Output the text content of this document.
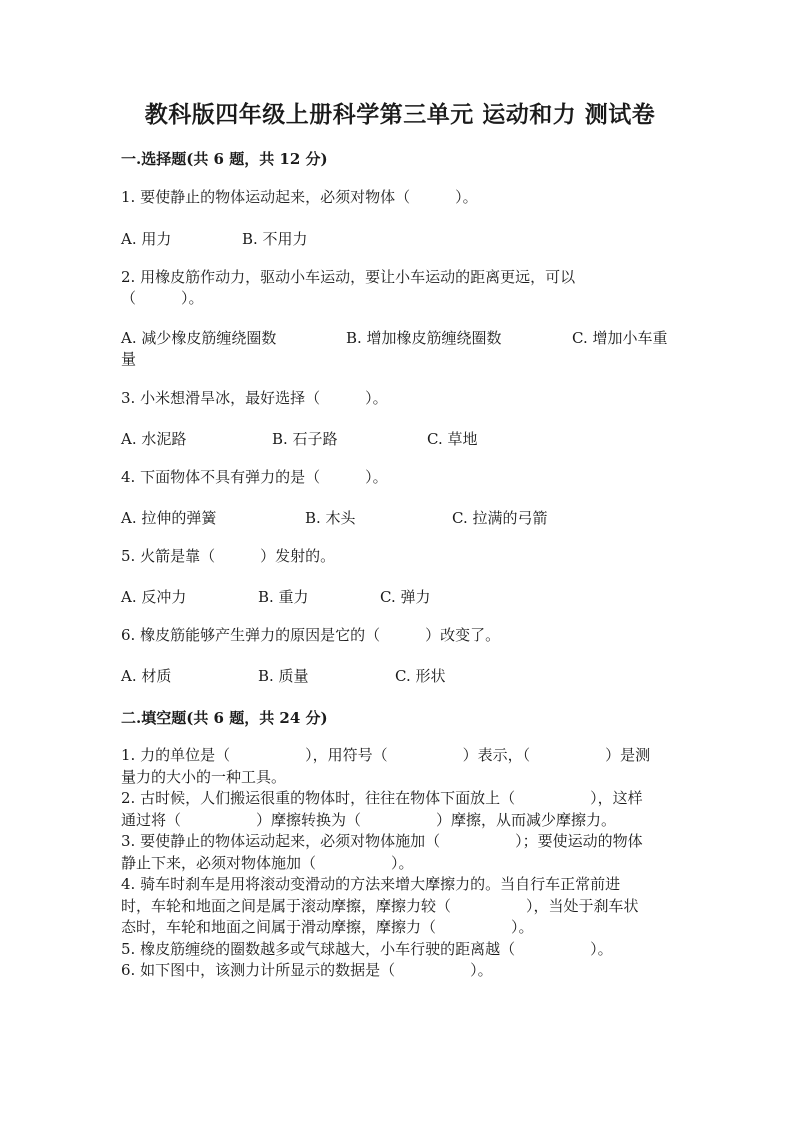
教科版四年级上册科学第三单元 运动和力 测试卷
一.选择题(共 6 题，共 12 分)
1. 要使静止的物体运动起来，必须对物体（　　　）。
A. 用力	B. 不用力
2. 用橡皮筋作动力，驱动小车运动，要让小车运动的距离更远，可以
（　　　）。
A. 减少橡皮筋缠绕圈数	B. 增加橡皮筋缠绕圈数	C. 增加小车重
量
3. 小米想滑旱冰，最好选择（　　　）。
A. 水泥路	B. 石子路	C. 草地
4. 下面物体不具有弹力的是（　　　）。
A. 拉伸的弹簧	B. 木头	C. 拉满的弓箭
5. 火箭是靠（　　　）发射的。
A. 反冲力	B. 重力	C. 弹力
6. 橡皮筋能够产生弹力的原因是它的（　　　）改变了。
A. 材质	B. 质量	C. 形状
二.填空题(共 6 题，共 24 分)
1. 力的单位是（　　　　　），用符号（　　　　　）表示，（　　　　　）是测
量力的大小的一种工具。
2. 古时候，人们搬运很重的物体时，往往在物体下面放上（　　　　　），这样
通过将（　　　　　）摩擦转换为（　　　　　）摩擦，从而减少摩擦力。
3. 要使静止的物体运动起来，必须对物体施加（　　　　　）；要使运动的物体
静止下来，必须对物体施加（　　　　　）。
4. 骑车时刹车是用将滚动变滑动的方法来增大摩擦力的。当自行车正常前进
时，车轮和地面之间是属于滚动摩擦，摩擦力较（　　　　　），当处于刹车状
态时，车轮和地面之间属于滑动摩擦，摩擦力（　　　　　）。
5. 橡皮筋缠绕的圈数越多或气球越大，小车行驶的距离越（　　　　　）。
6. 如下图中，该测力计所显示的数据是（　　　　　）。
